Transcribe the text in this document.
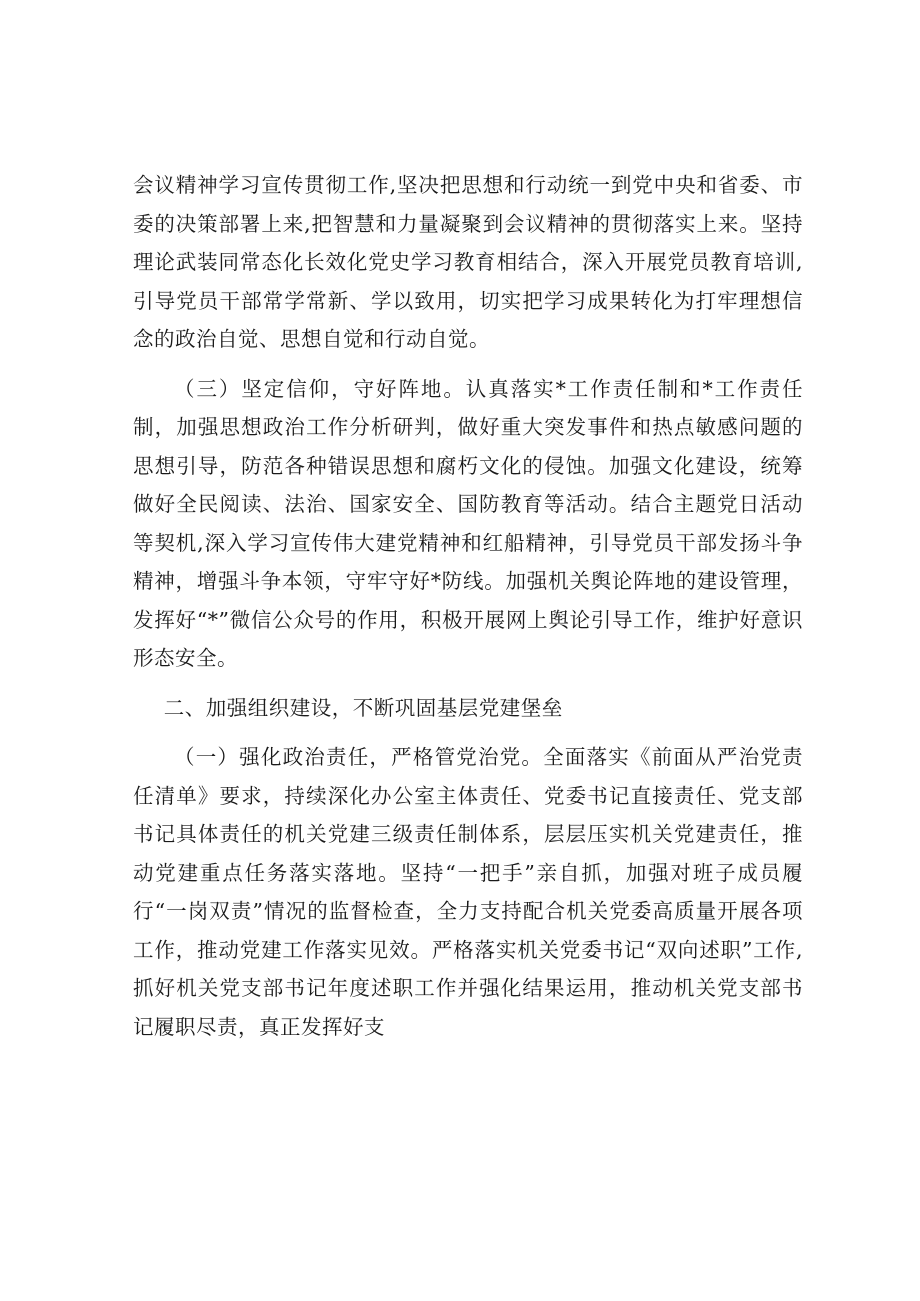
会议精神学习宣传贯彻工作,坚决把思想和行动统一到党中央和省委、市委的决策部署上来,把智慧和力量凝聚到会议精神的贯彻落实上来。坚持理论武装同常态化长效化党史学习教育相结合，深入开展党员教育培训,引导党员干部常学常新、学以致用，切实把学习成果转化为打牢理想信念的政治自觉、思想自觉和行动自觉。

（三）坚定信仰，守好阵地。认真落实*工作责任制和*工作责任制，加强思想政治工作分析研判，做好重大突发事件和热点敏感问题的思想引导，防范各种错误思想和腐朽文化的侵蚀。加强文化建设，统筹做好全民阅读、法治、国家安全、国防教育等活动。结合主题党日活动等契机,深入学习宣传伟大建党精神和红船精神，引导党员干部发扬斗争精神，增强斗争本领，守牢守好*防线。加强机关舆论阵地的建设管理，发挥好“*”微信公众号的作用，积极开展网上舆论引导工作，维护好意识形态安全。

二、加强组织建设，不断巩固基层党建堡垒

（一）强化政治责任，严格管党治党。全面落实《前面从严治党责任清单》要求，持续深化办公室主体责任、党委书记直接责任、党支部书记具体责任的机关党建三级责任制体系，层层压实机关党建责任，推动党建重点任务落实落地。坚持“一把手”亲自抓，加强对班子成员履行“一岗双责”情况的监督检查，全力支持配合机关党委高质量开展各项工作，推动党建工作落实见效。严格落实机关党委书记“双向述职”工作,抓好机关党支部书记年度述职工作并强化结果运用，推动机关党支部书记履职尽责，真正发挥好支
